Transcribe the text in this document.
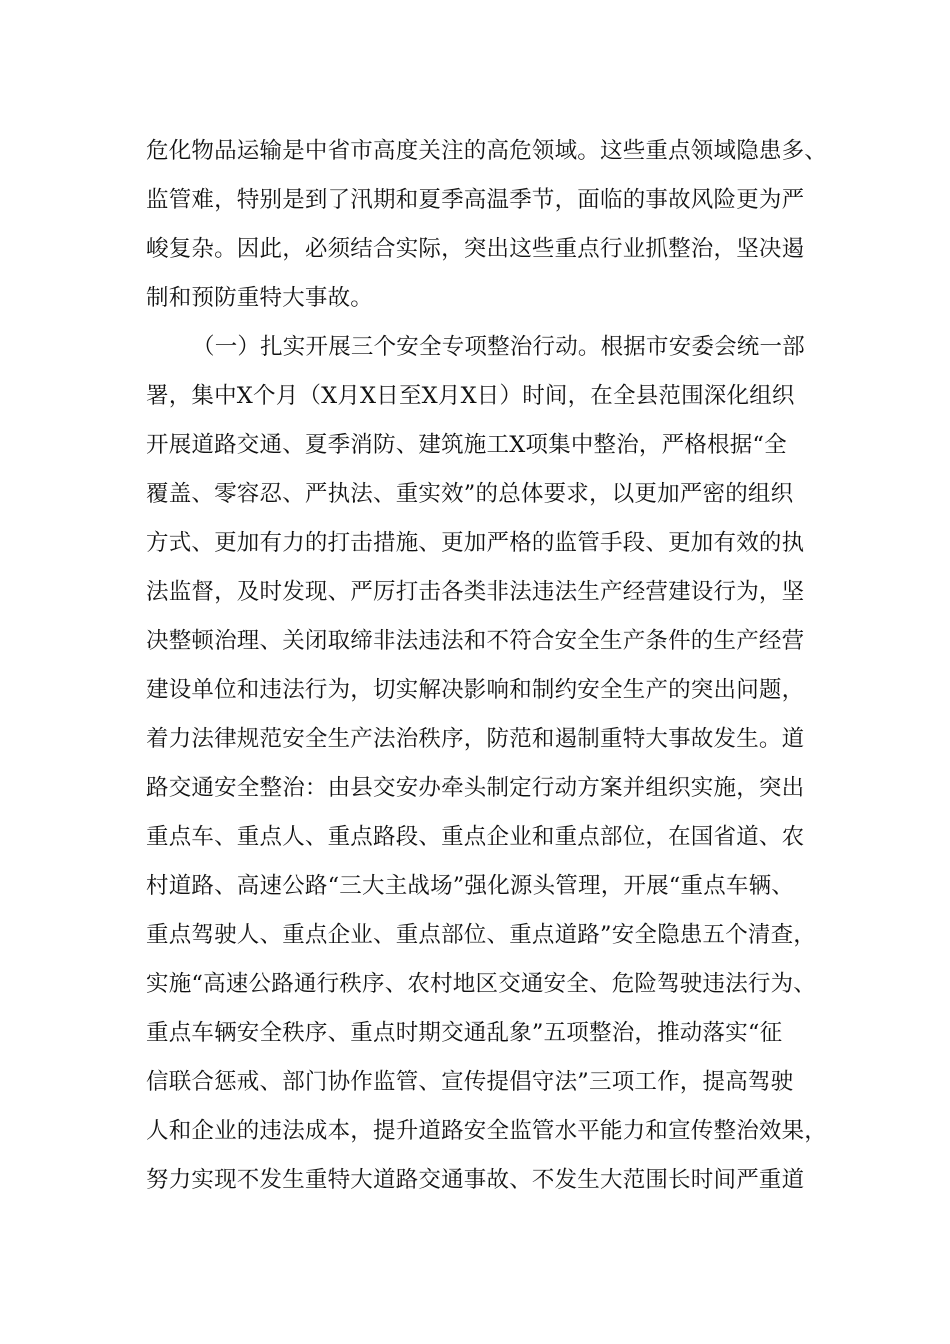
危化物品运输是中省市高度关注的高危领域。这些重点领域隐患多、
监管难，特别是到了汛期和夏季高温季节，面临的事故风险更为严
峻复杂。因此，必须结合实际，突出这些重点行业抓整治，坚决遏
制和预防重特大事故。
（一）扎实开展三个安全专项整治行动。根据市安委会统一部
署，集中X个月（X月X日至X月X日）时间，在全县范围深化组织
开展道路交通、夏季消防、建筑施工X项集中整治，严格根据“全
覆盖、零容忍、严执法、重实效”的总体要求，以更加严密的组织
方式、更加有力的打击措施、更加严格的监管手段、更加有效的执
法监督，及时发现、严厉打击各类非法违法生产经营建设行为，坚
决整顿治理、关闭取缔非法违法和不符合安全生产条件的生产经营
建设单位和违法行为，切实解决影响和制约安全生产的突出问题，
着力法律规范安全生产法治秩序，防范和遏制重特大事故发生。道
路交通安全整治：由县交安办牵头制定行动方案并组织实施，突出
重点车、重点人、重点路段、重点企业和重点部位，在国省道、农
村道路、高速公路“三大主战场”强化源头管理，开展“重点车辆、
重点驾驶人、重点企业、重点部位、重点道路”安全隐患五个清查，
实施“高速公路通行秩序、农村地区交通安全、危险驾驶违法行为、
重点车辆安全秩序、重点时期交通乱象”五项整治，推动落实“征
信联合惩戒、部门协作监管、宣传提倡守法”三项工作，提高驾驶
人和企业的违法成本，提升道路安全监管水平能力和宣传整治效果，
努力实现不发生重特大道路交通事故、不发生大范围长时间严重道
